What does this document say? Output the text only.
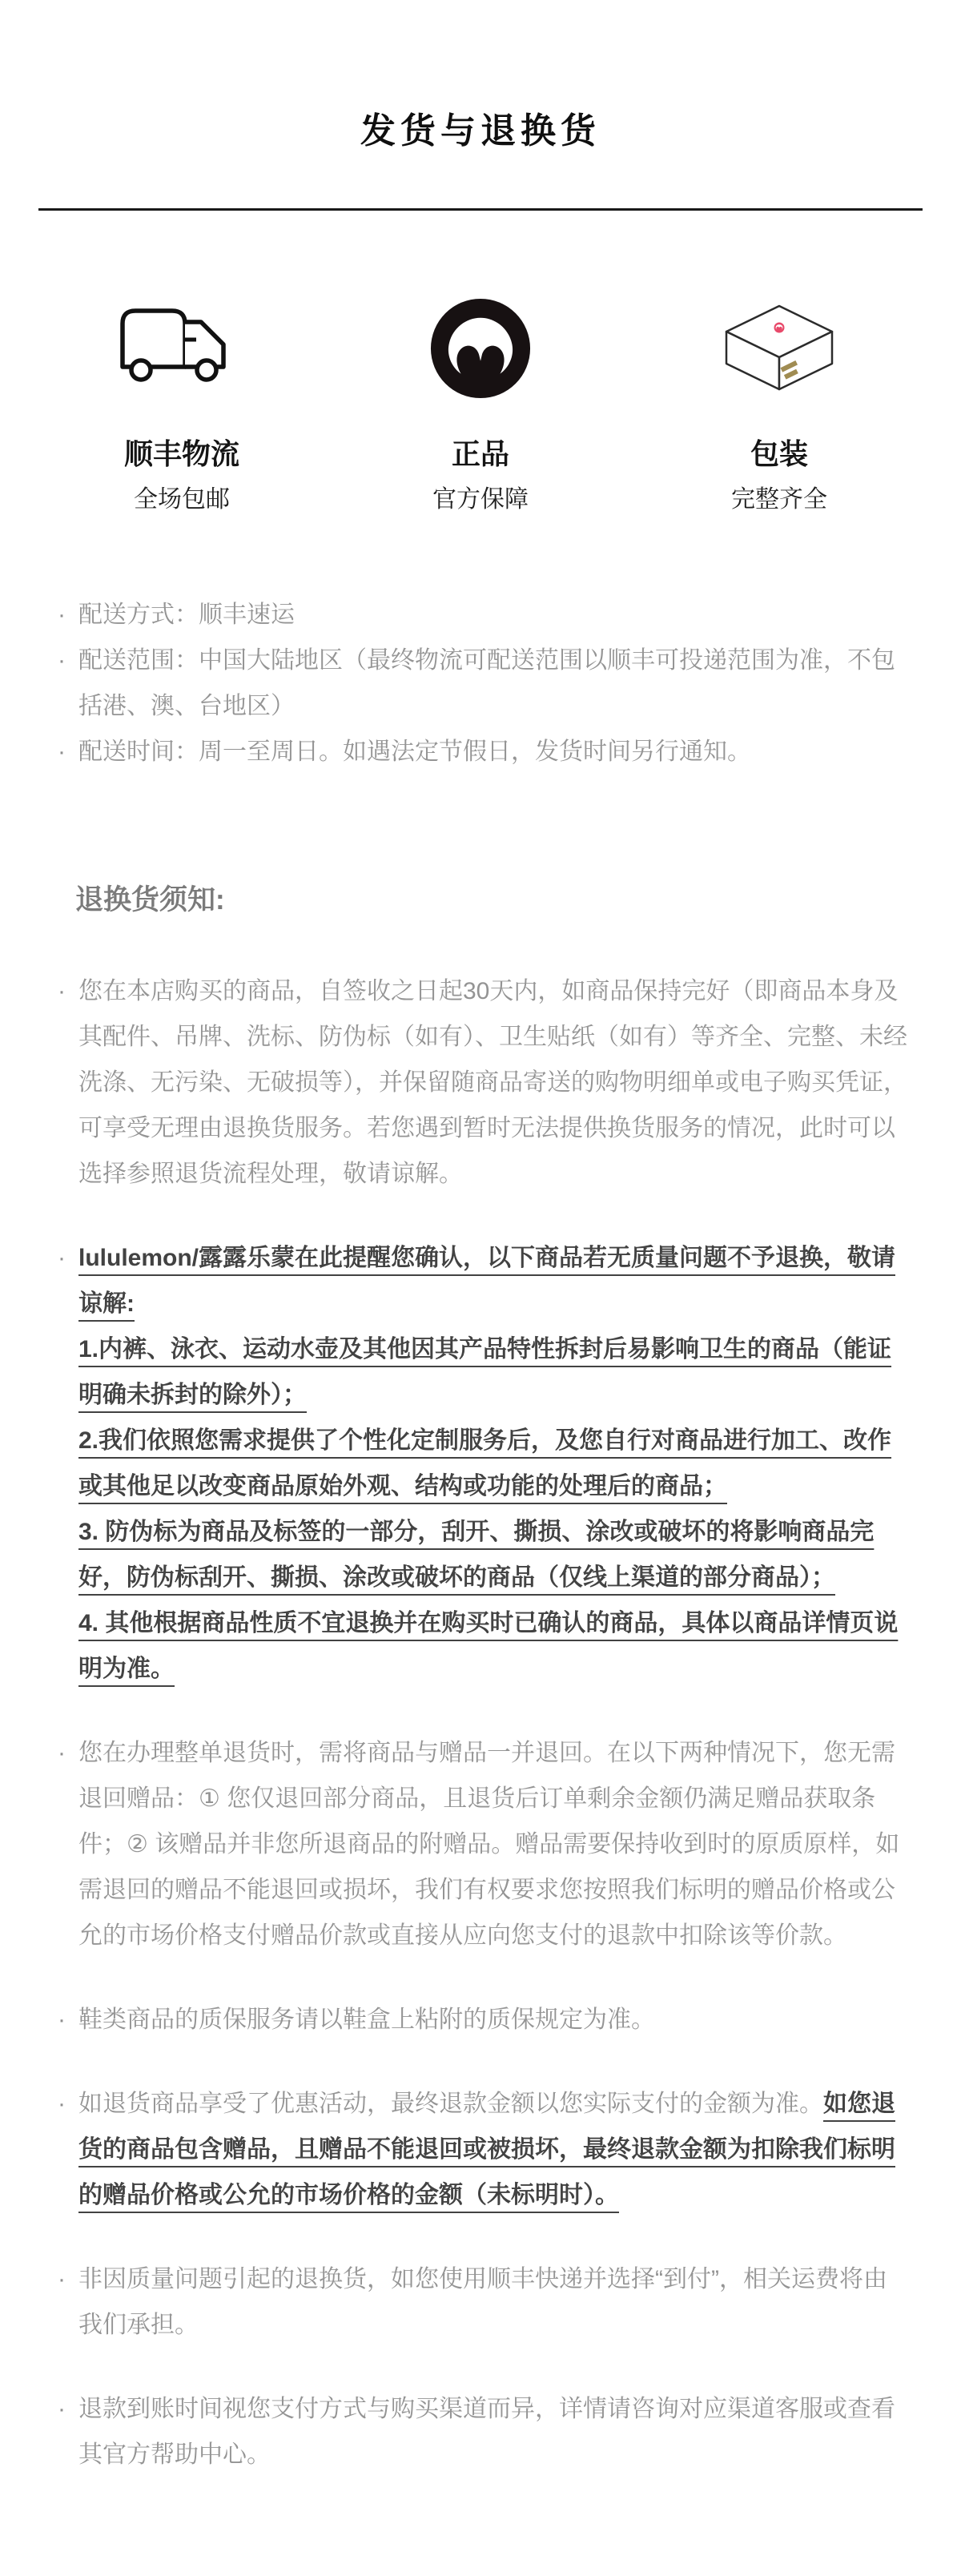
发货与退换货
顺丰物流
全场包邮
正品
官方保障
包装
完整齐全
· 配送方式：顺丰速运
· 配送范围：中国大陆地区（最终物流可配送范围以顺丰可投递范围为准，不包括港、澳、台地区）
· 配送时间：周一至周日。如遇法定节假日，发货时间另行通知。
退换货须知:

· 您在本店购买的商品，自签收之日起30天内，如商品保持完好（即商品本身及其配件、吊牌、洗标、防伪标（如有）、卫生贴纸（如有）等齐全、完整、未经洗涤、无污染、无破损等），并保留随商品寄送的购物明细单或电子购买凭证，可享受无理由退换货服务。若您遇到暂时无法提供换货服务的情况，此时可以选择参照退货流程处理，敬请谅解。

· lululemon/露露乐蒙在此提醒您确认，以下商品若无质量问题不予退换，敬请谅解:
1.内裤、泳衣、运动水壶及其他因其产品特性拆封后易影响卫生的商品（能证明确未拆封的除外）；
2.我们依照您需求提供了个性化定制服务后，及您自行对商品进行加工、改作或其他足以改变商品原始外观、结构或功能的处理后的商品；
3. 防伪标为商品及标签的一部分，刮开、撕损、涂改或破坏的将影响商品完好，防伪标刮开、撕损、涂改或破坏的商品（仅线上渠道的部分商品）；
4. 其他根据商品性质不宜退换并在购买时已确认的商品，具体以商品详情页说明为准。

· 您在办理整单退货时，需将商品与赠品一并退回。在以下两种情况下，您无需退回赠品：① 您仅退回部分商品，且退货后订单剩余金额仍满足赠品获取条件；② 该赠品并非您所退商品的附赠品。赠品需要保持收到时的原质原样，如需退回的赠品不能退回或损坏，我们有权要求您按照我们标明的赠品价格或公允的市场价格支付赠品价款或直接从应向您支付的退款中扣除该等价款。

· 鞋类商品的质保服务请以鞋盒上粘附的质保规定为准。

· 如退货商品享受了优惠活动，最终退款金额以您实际支付的金额为准。如您退货的商品包含赠品，且赠品不能退回或被损坏，最终退款金额为扣除我们标明的赠品价格或公允的市场价格的金额（未标明时）。

· 非因质量问题引起的退换货，如您使用顺丰快递并选择“到付”，相关运费将由我们承担。

· 退款到账时间视您支付方式与购买渠道而异，详情请咨询对应渠道客服或查看其官方帮助中心。
